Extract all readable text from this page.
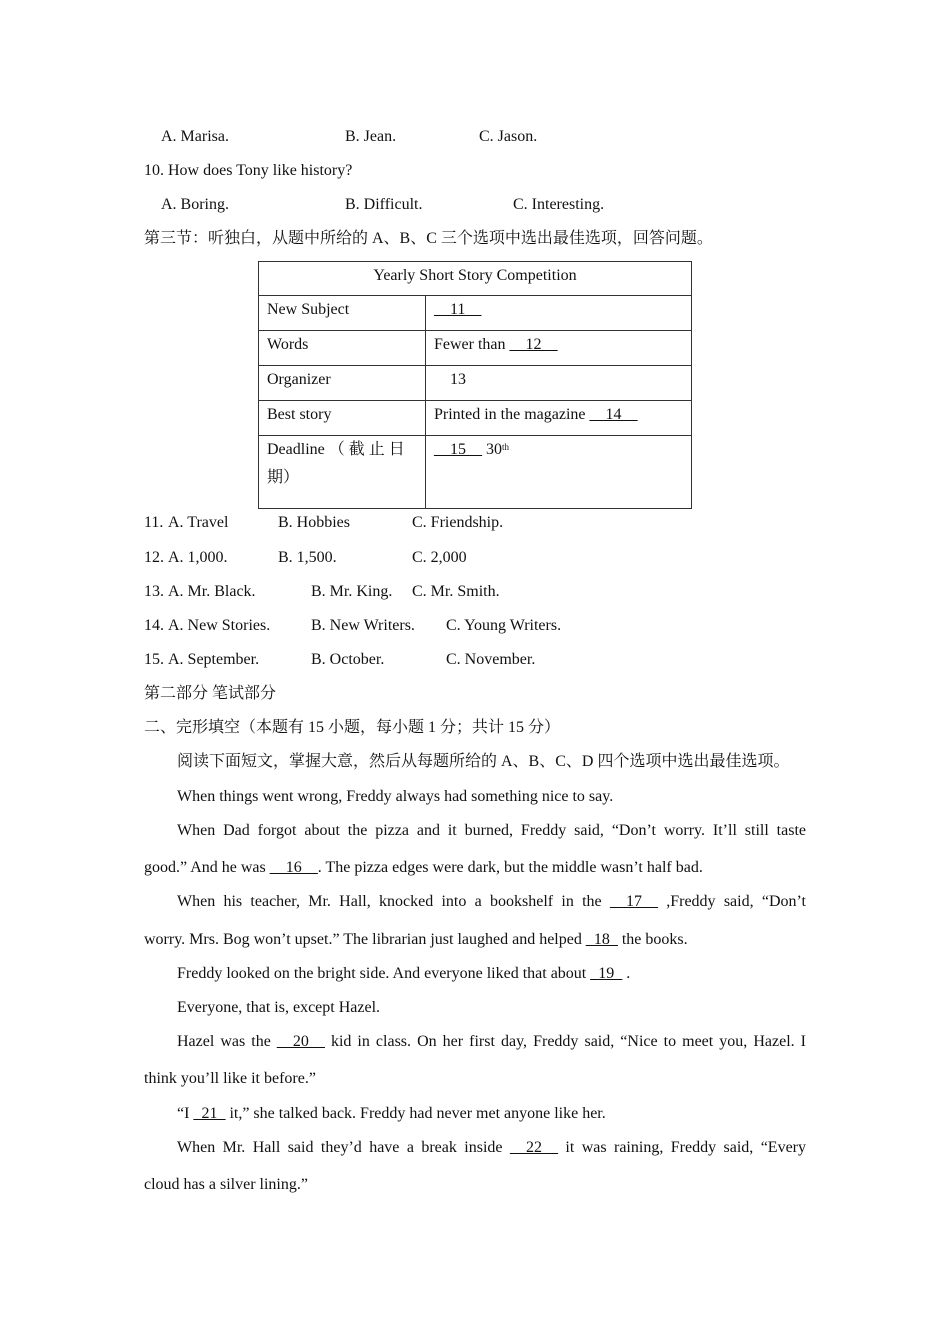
A. Marisa.	B. Jean.	C. Jason.
10. How does Tony like history?
A. Boring.	B. Difficult.	C. Interesting.
第三节：听独白，从题中所给的 A、B、C 三个选项中选出最佳选项，回答问题。
Yearly Short Story Competition	
New Subject	__11__
Words	Fewer than __12__
Organizer	13
Best story	Printed in the magazine __14__

Deadline （ 截 止 日
期）	__15__ 30th
11. A. Travel	B. Hobbies	C. Friendship.
12. A. 1,000.	B. 1,500.	C. 2,000
13. A. Mr. Black.	B. Mr. King. C. Mr. Smith.
14. A. New Stories.	B. New Writers. C. Young Writers.
15. A. September.	B. October.	C. November.
第二部分 笔试部分
二、完形填空（本题有 15 小题，每小题 1 分；共计 15 分）
阅读下面短文，掌握大意，然后从每题所给的 A、B、C、D 四个选项中选出最佳选项。
When things went wrong, Freddy always had something nice to say.
When Dad forgot about the pizza and it burned, Freddy said, “Don’t worry. It’ll still taste
good.” And he was __16__. The pizza edges were dark, but the middle wasn’t half bad.
When his teacher, Mr. Hall, knocked into a bookshelf in the __17__ ,Freddy said, “Don’t
worry. Mrs. Bog won’t upset.” The librarian just laughed and helped _18_ the books.
Freddy looked on the bright side. And everyone liked that about _19_ .
Everyone, that is, except Hazel.
Hazel was the __20__ kid in class. On her first day, Freddy said, “Nice to meet you, Hazel. I
think you’ll like it before.”
“I _21_ it,” she talked back. Freddy had never met anyone like her.
When Mr. Hall said they’d have a break inside __22__ it was raining, Freddy said, “Every
cloud has a silver lining.”
